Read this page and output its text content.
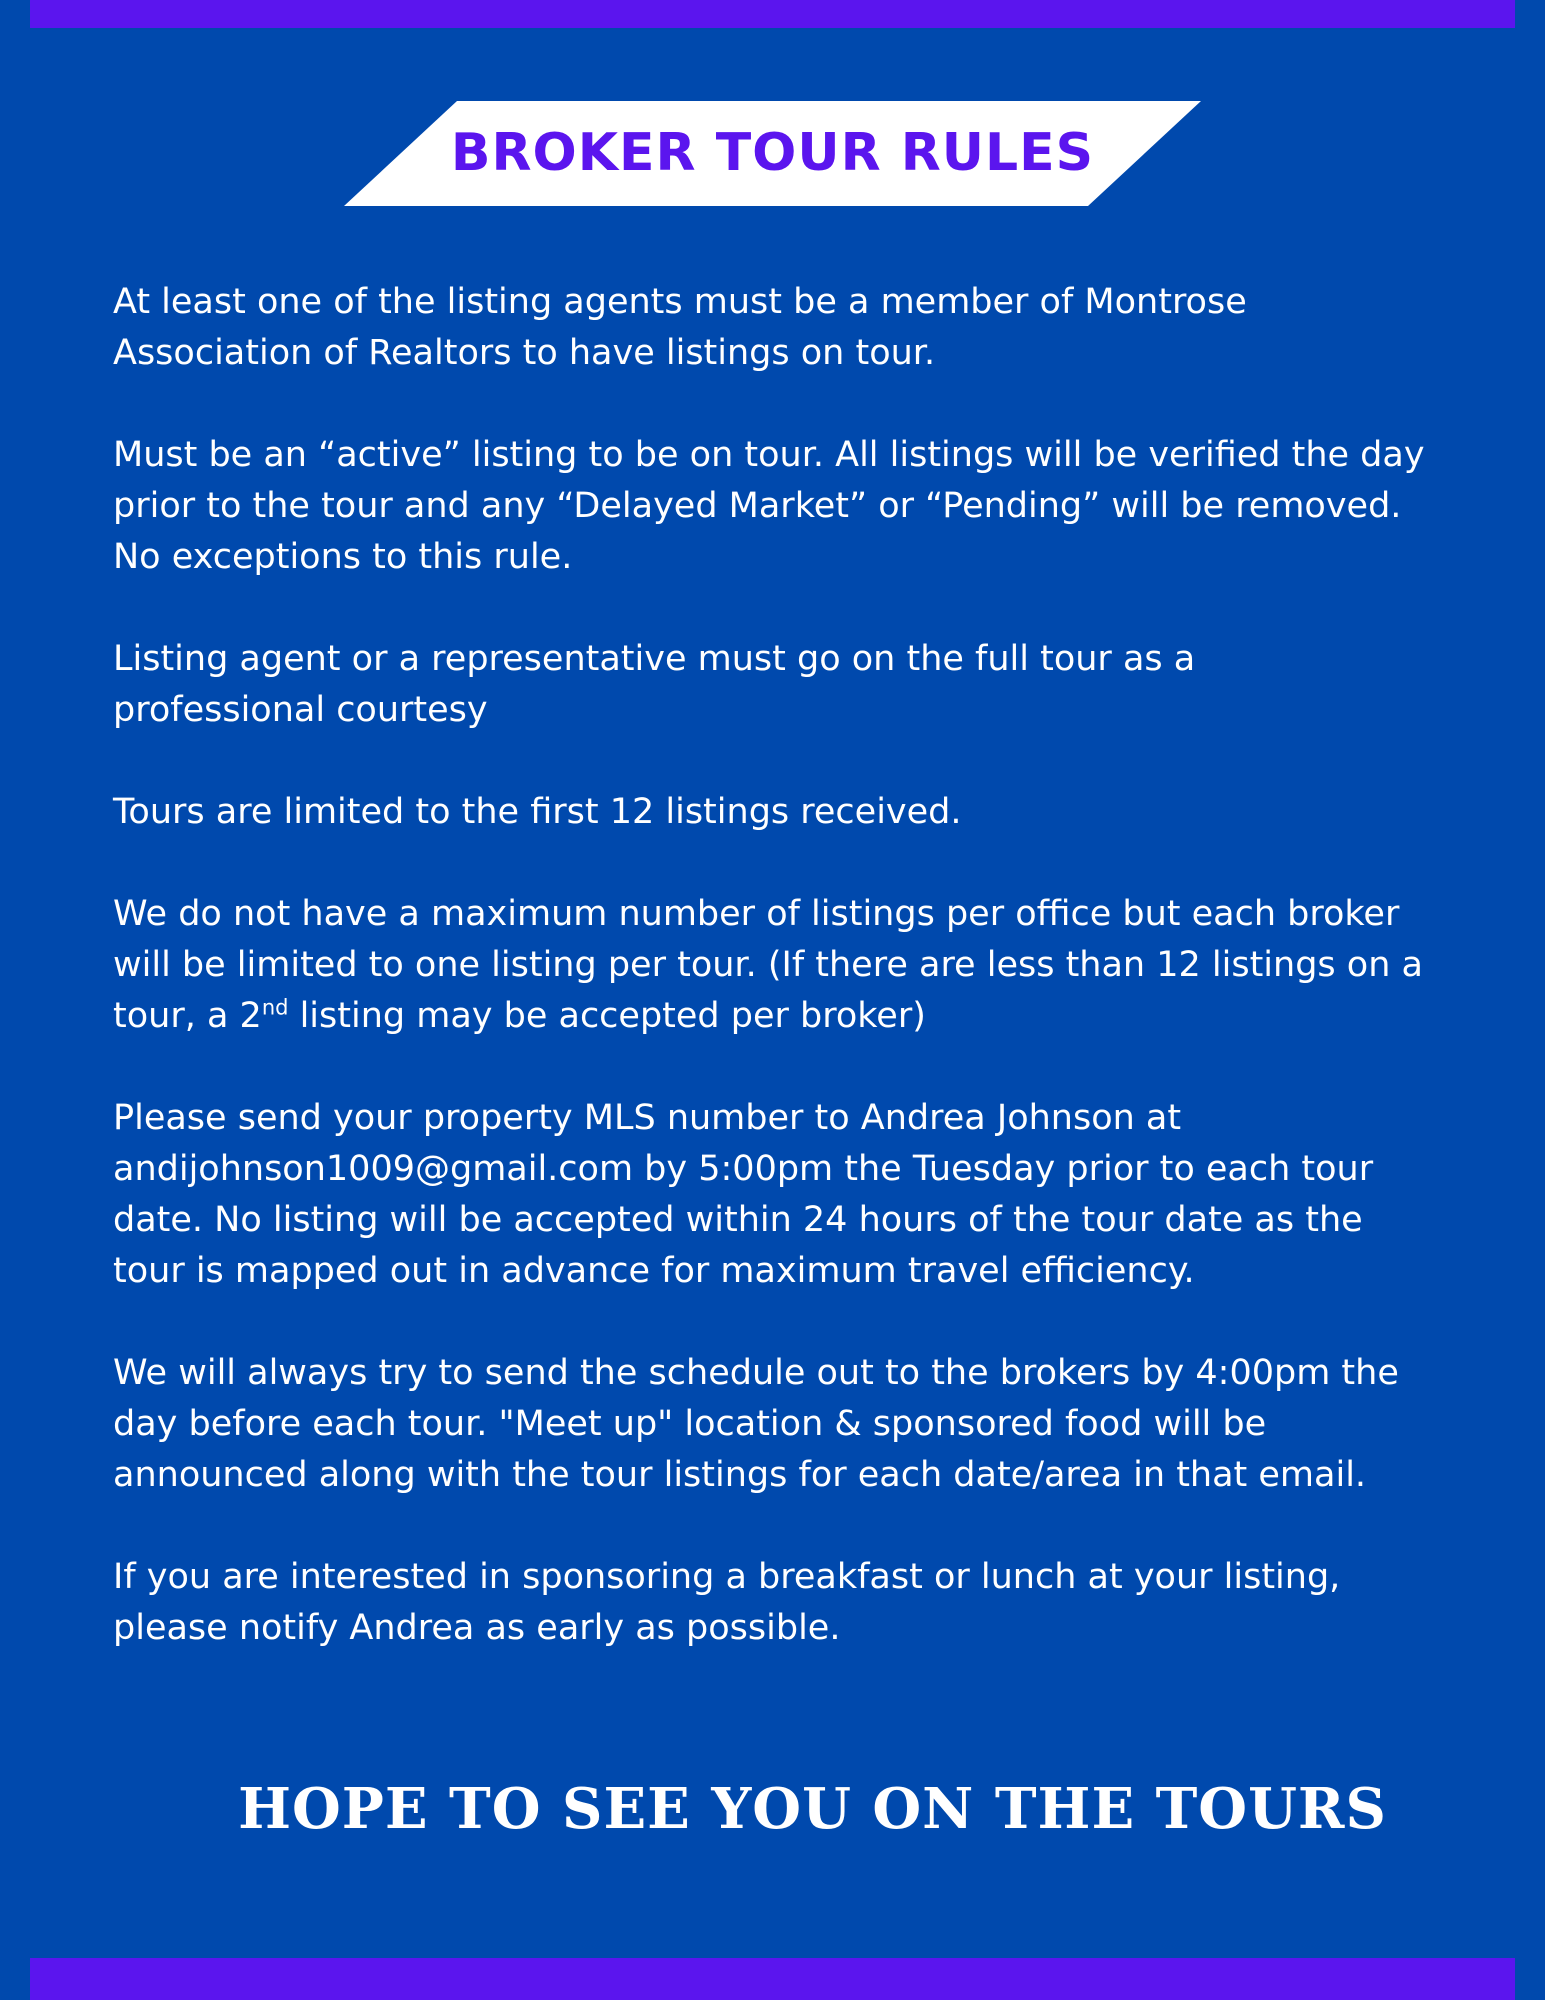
BROKER TOUR RULES
At least one of the listing agents must be a member of Montrose
Association of Realtors to have listings on tour.
Must be an “active” listing to be on tour. All listings will be verified the day
prior to the tour and any “Delayed Market” or “Pending” will be removed.
No exceptions to this rule.
Listing agent or a representative must go on the full tour as a
professional courtesy
Tours are limited to the first 12 listings received.
We do not have a maximum number of listings per office but each broker
will be limited to one listing per tour. (If there are less than 12 listings on a
tour, a 2nd listing may be accepted per broker)
Please send your property MLS number to Andrea Johnson at
andijohnson1009@gmail.com by 5:00pm the Tuesday prior to each tour
date. No listing will be accepted within 24 hours of the tour date as the
tour is mapped out in advance for maximum travel efficiency.
We will always try to send the schedule out to the brokers by 4:00pm the
day before each tour. "Meet up" location & sponsored food will be
announced along with the tour listings for each date/area in that email.
If you are interested in sponsoring a breakfast or lunch at your listing,
please notify Andrea as early as possible.

HOPE TO SEE YOU ON THE TOURS
